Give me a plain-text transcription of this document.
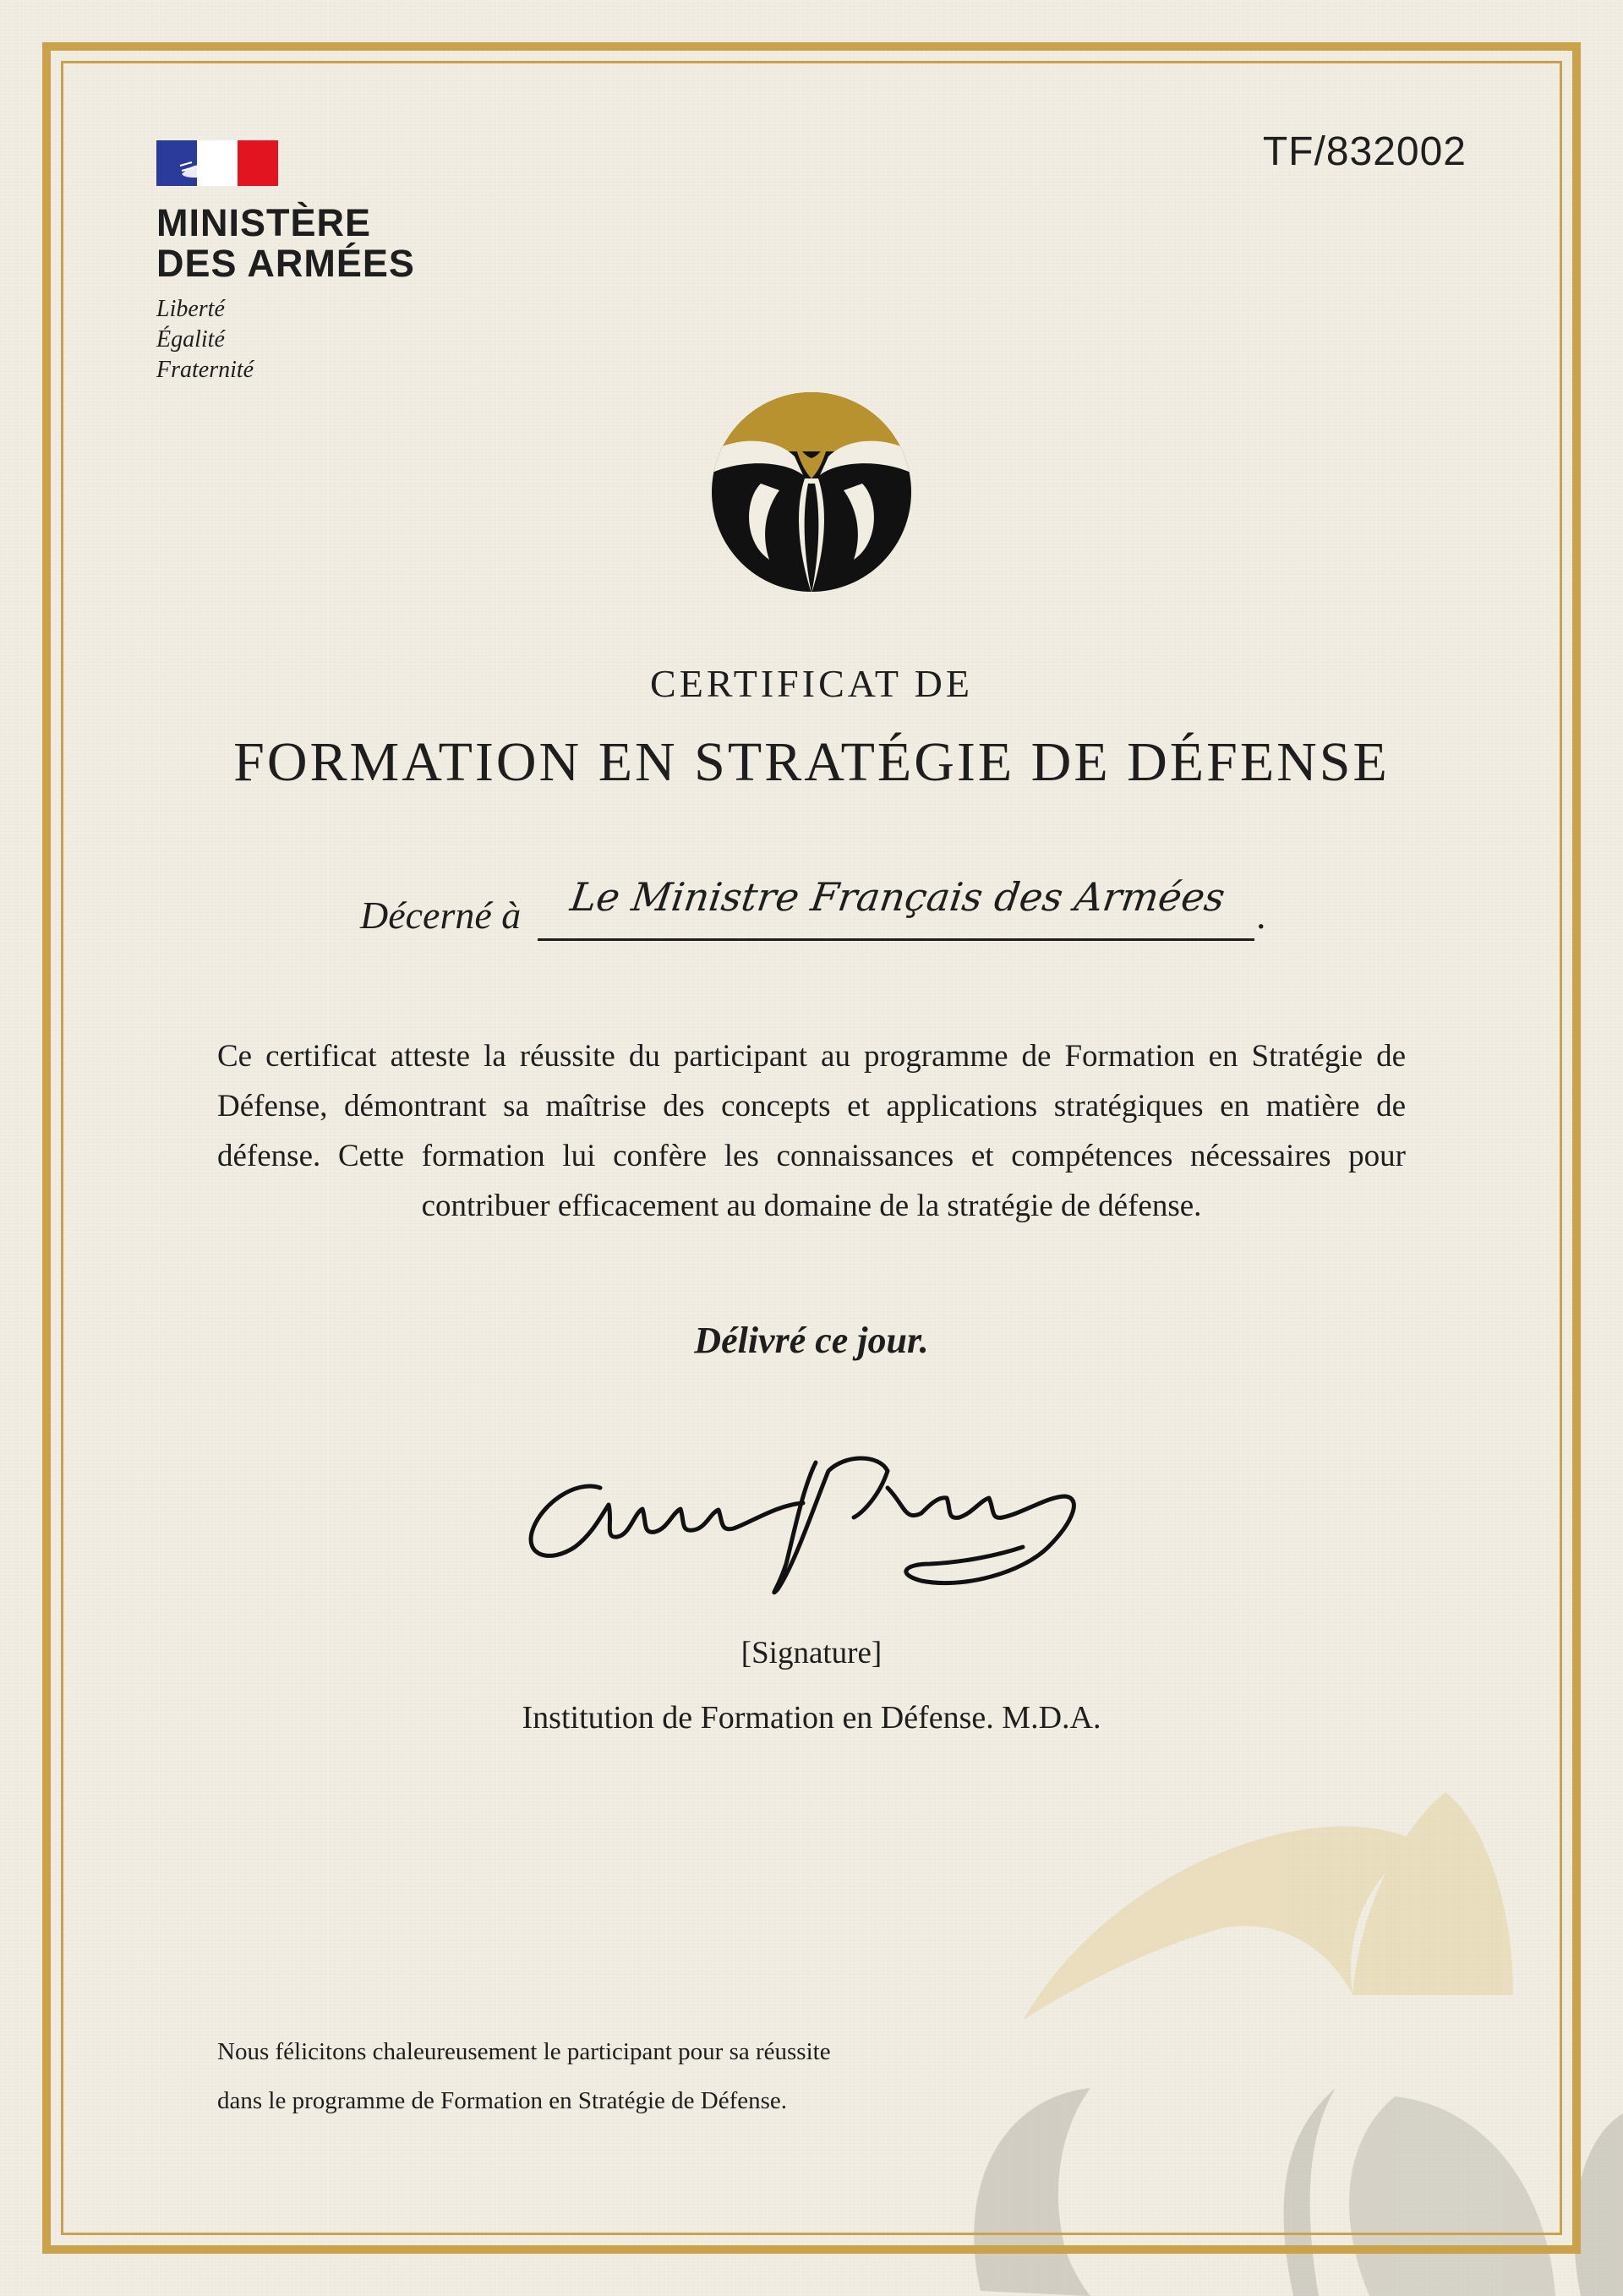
MINISTÈRE
DES ARMÉES
Liberté
Égalité
Fraternité
TF/832002
CERTIFICAT DE
FORMATION EN STRATÉGIE DE DÉFENSE
Décerné à	Le Ministre Français des Armées .
Ce certificat atteste la réussite du participant au programme de Formation en Stratégie de Défense, démontrant sa maîtrise des concepts et applications stratégiques en matière de défense. Cette formation lui confère les connaissances et compétences nécessaires pour contribuer efficacement au domaine de la stratégie de défense.
Délivré ce jour.
[Signature]
Institution de Formation en Défense. M.D.A.
Nous félicitons chaleureusement le participant pour sa réussite
dans le programme de Formation en Stratégie de Défense.
